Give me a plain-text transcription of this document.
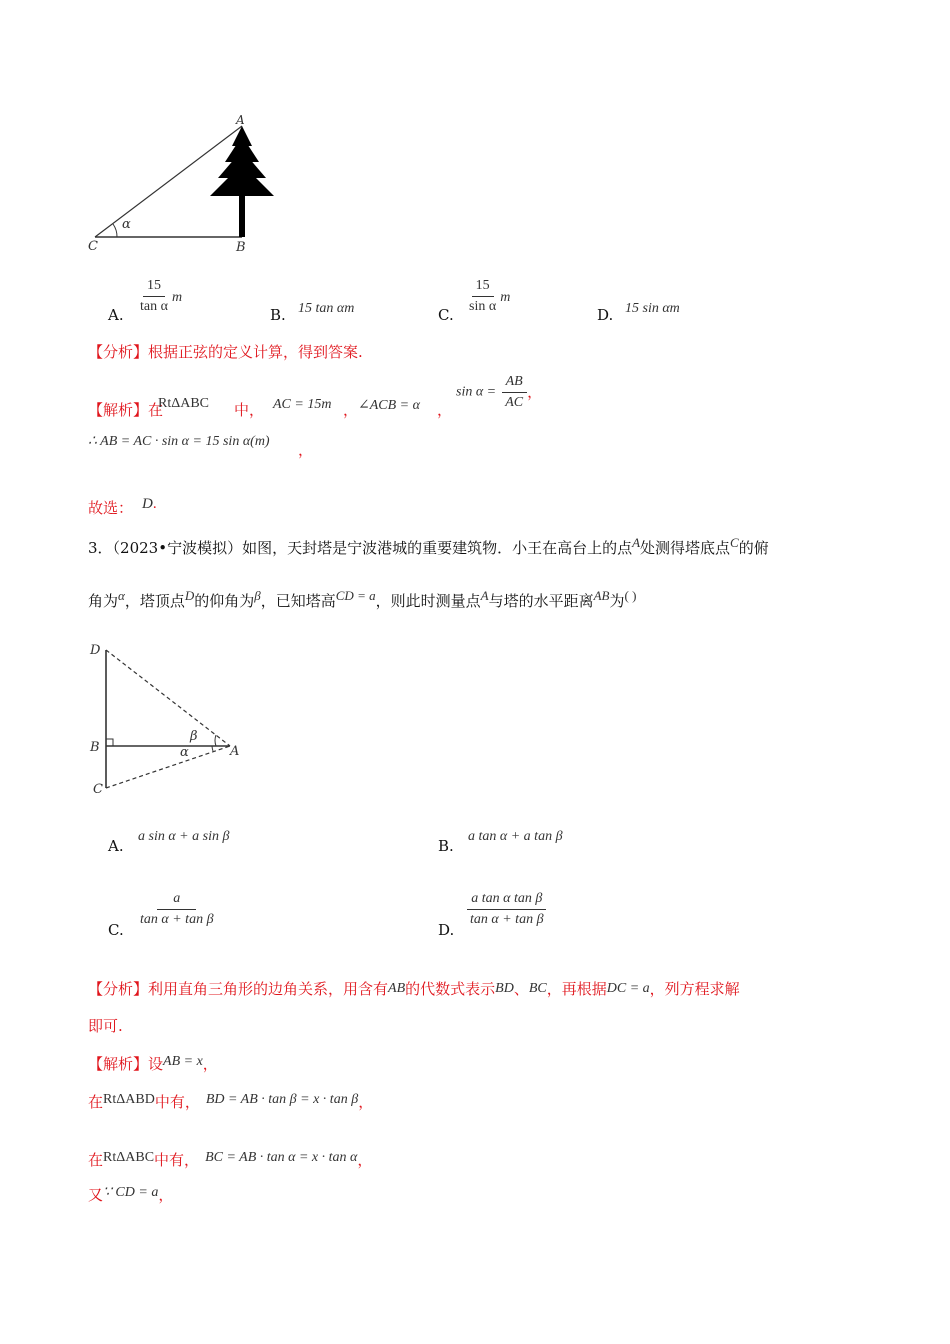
A
C	B
α
A. $\frac{15}{\text{tan α}}$ m
B. 15 tan αm	C. $\frac{15}{\text{sin α}}$ m
D. 15 sin αm
【分析】根据正弦的定义计算，得到答案.
【解析】在
RtΔABC 中， AC = 15m ， ∠ACB = α ，
$\sin \alpha = \frac{AB}{AC}$ ，
∴ AB = AC · sin α = 15 sin α(m) ，
故选： D.
3．（2023•宁波模拟）如图，天封塔是宁波港城的重要建筑物．小王在高台上的点A处测得塔底点C的俯
角为α，塔顶点D的仰角为β，已知塔高CD = a，则此时测量点A与塔的水平距离AB为( )
D
B
C
A
β
α
A.
a sin α + a sin β
B.
a tan α + a tan β
C.
$\frac{a}{\text{tan α + tan β}}$
D.
$\frac{\text{a tan α tan β}}{\text{tan α + tan β}}$
【分析】利用直角三角形的边角关系，用含有AB的代数式表示BD、BC，再根据DC = a，列方程求解
即可.
【解析】设AB = x，
在RtΔABD中有， BD = AB · tan β = x · tan β，
在RtΔABC中有， BC = AB · tan α = x · tan α，
又∵ CD = a，
